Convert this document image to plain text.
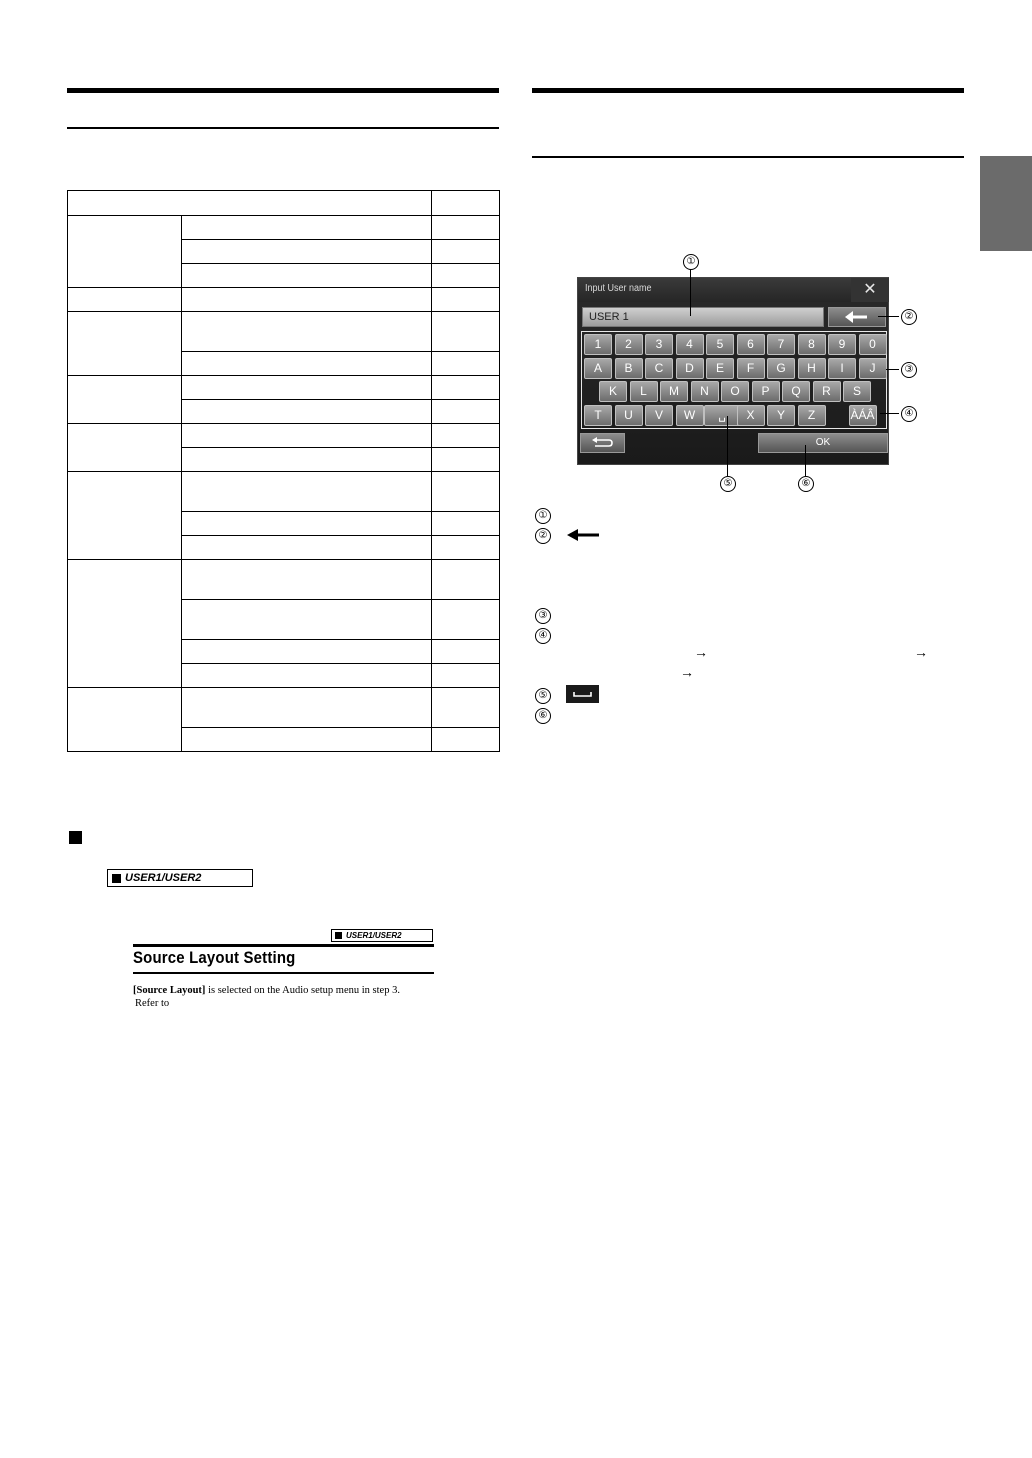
USER1/USER2
USER1/USER2
Source Layout Setting
[Source Layout] is selected on the Audio setup menu in step 3.
Refer to
Input User name	✕
USER 1
1	2	3	4	5	6	7	8	9	0
A	B	C	D	E	F	G	H	I	J
K	L	M	N	O	P	Q	R	S
T	U	V	W	␣	X	Y	Z	ÀÁÂ
OK
①
②
③
④
⑤	⑥
①
②
③
④
→	→
→
⑤
⑥
